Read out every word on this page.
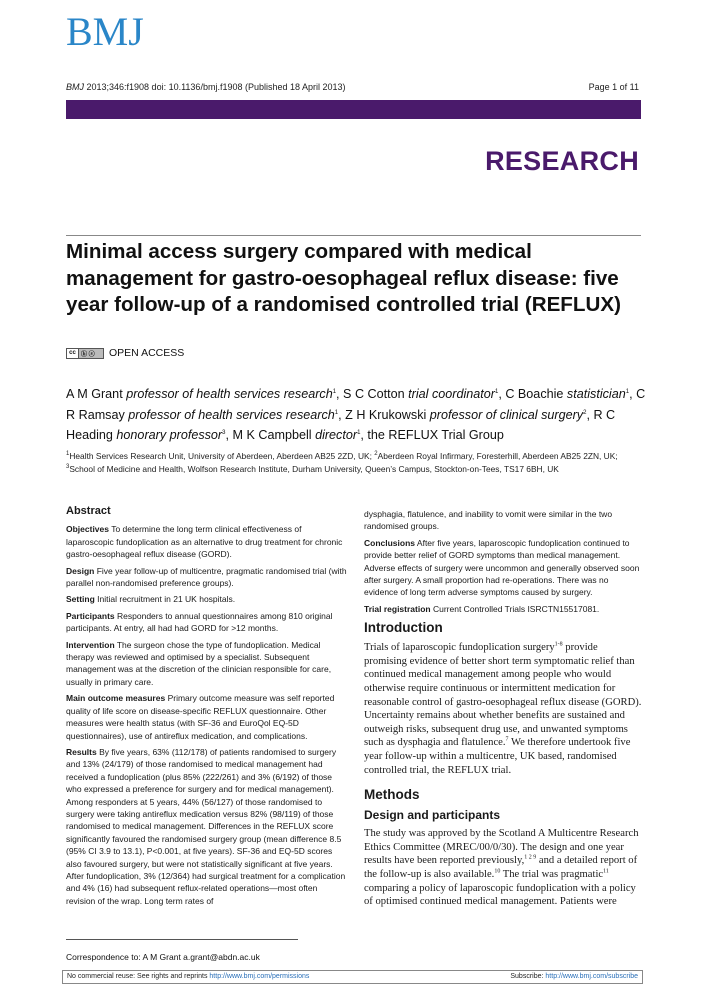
BMJ
BMJ 2013;346:f1908 doi: 10.1136/bmj.f1908 (Published 18 April 2013)	Page 1 of 11
RESEARCH
Minimal access surgery compared with medical management for gastro-oesophageal reflux disease: five year follow-up of a randomised controlled trial (REFLUX)
cc ⓑ ⓢ OPEN ACCESS
A M Grant professor of health services research$^1$, S C Cotton trial coordinator$^1$, C Boachie statistician$^1$, C R Ramsay professor of health services research$^1$, Z H Krukowski professor of clinical surgery$^2$, R C Heading honorary professor$^3$, M K Campbell director$^1$, the REFLUX Trial Group
$^1$Health Services Research Unit, University of Aberdeen, Aberdeen AB25 2ZD, UK; $^2$Aberdeen Royal Infirmary, Foresterhill, Aberdeen AB25 2ZN, UK; $^3$School of Medicine and Health, Wolfson Research Institute, Durham University, Queen’s Campus, Stockton-on-Tees, TS17 6BH, UK
Abstract

Objectives To determine the long term clinical effectiveness of laparoscopic fundoplication as an alternative to drug treatment for chronic gastro-oesophageal reflux disease (GORD).

Design Five year follow-up of multicentre, pragmatic randomised trial (with parallel non-randomised preference groups).

Setting Initial recruitment in 21 UK hospitals.

Participants Responders to annual questionnaires among 810 original participants. At entry, all had had GORD for >12 months.

Intervention The surgeon chose the type of fundoplication. Medical therapy was reviewed and optimised by a specialist. Subsequent management was at the discretion of the clinician responsible for care, usually in primary care.

Main outcome measures Primary outcome measure was self reported quality of life score on disease-specific REFLUX questionnaire. Other measures were health status (with SF-36 and EuroQol EQ-5D questionnaires), use of antireflux medication, and complications.

Results By five years, 63% (112/178) of patients randomised to surgery and 13% (24/179) of those randomised to medical management had received a fundoplication (plus 85% (222/261) and 3% (6/192) of those who expressed a preference for surgery and for medical management). Among responders at 5 years, 44% (56/127) of those randomised to surgery were taking antireflux medication versus 82% (98/119) of those randomised to medical management. Differences in the REFLUX score significantly favoured the randomised surgery group (mean difference 8.5 (95% CI 3.9 to 13.1), P<0.001, at five years). SF-36 and EQ-5D scores also favoured surgery, but were not statistically significant at five years. After fundoplication, 3% (12/364) had surgical treatment for a complication and 4% (16) had subsequent reflux-related operations—most often revision of the wrap. Long term rates of

dysphagia, flatulence, and inability to vomit were similar in the two randomised groups.

Conclusions After five years, laparoscopic fundoplication continued to provide better relief of GORD symptoms than medical management. Adverse effects of surgery were uncommon and generally observed soon after surgery. A small proportion had re-operations. There was no evidence of long term adverse symptoms caused by surgery.

Trial registration Current Controlled Trials ISRCTN15517081.

Introduction

Trials of laparoscopic fundoplication surgery$^{1-8}$ provide promising evidence of better short term symptomatic relief than continued medical management among people who would otherwise require continuous or intermittent medication for reasonable control of gastro-oesophageal reflux disease (GORD). Uncertainty remains about whether benefits are sustained and outweigh risks, subsequent drug use, and unwanted symptoms such as dysphagia and flatulence.$^7$ We therefore undertook five year follow-up within a multicentre, UK based, randomised controlled trial, the REFLUX trial.

Methods
Design and participants

The study was approved by the Scotland A Multicentre Research Ethics Committee (MREC/00/0/30). The design and one year results have been reported previously,$^{1 2 9}$ and a detailed report of the follow-up is also available.$^{10}$ The trial was pragmatic$^{11}$ comparing a policy of laparoscopic fundoplication with a policy of optimised continued medical management. Patients were

Correspondence to: A M Grant a.grant@abdn.ac.uk
No commercial reuse: See rights and reprints http://www.bmj.com/permissions	Subscribe: http://www.bmj.com/subscribe
